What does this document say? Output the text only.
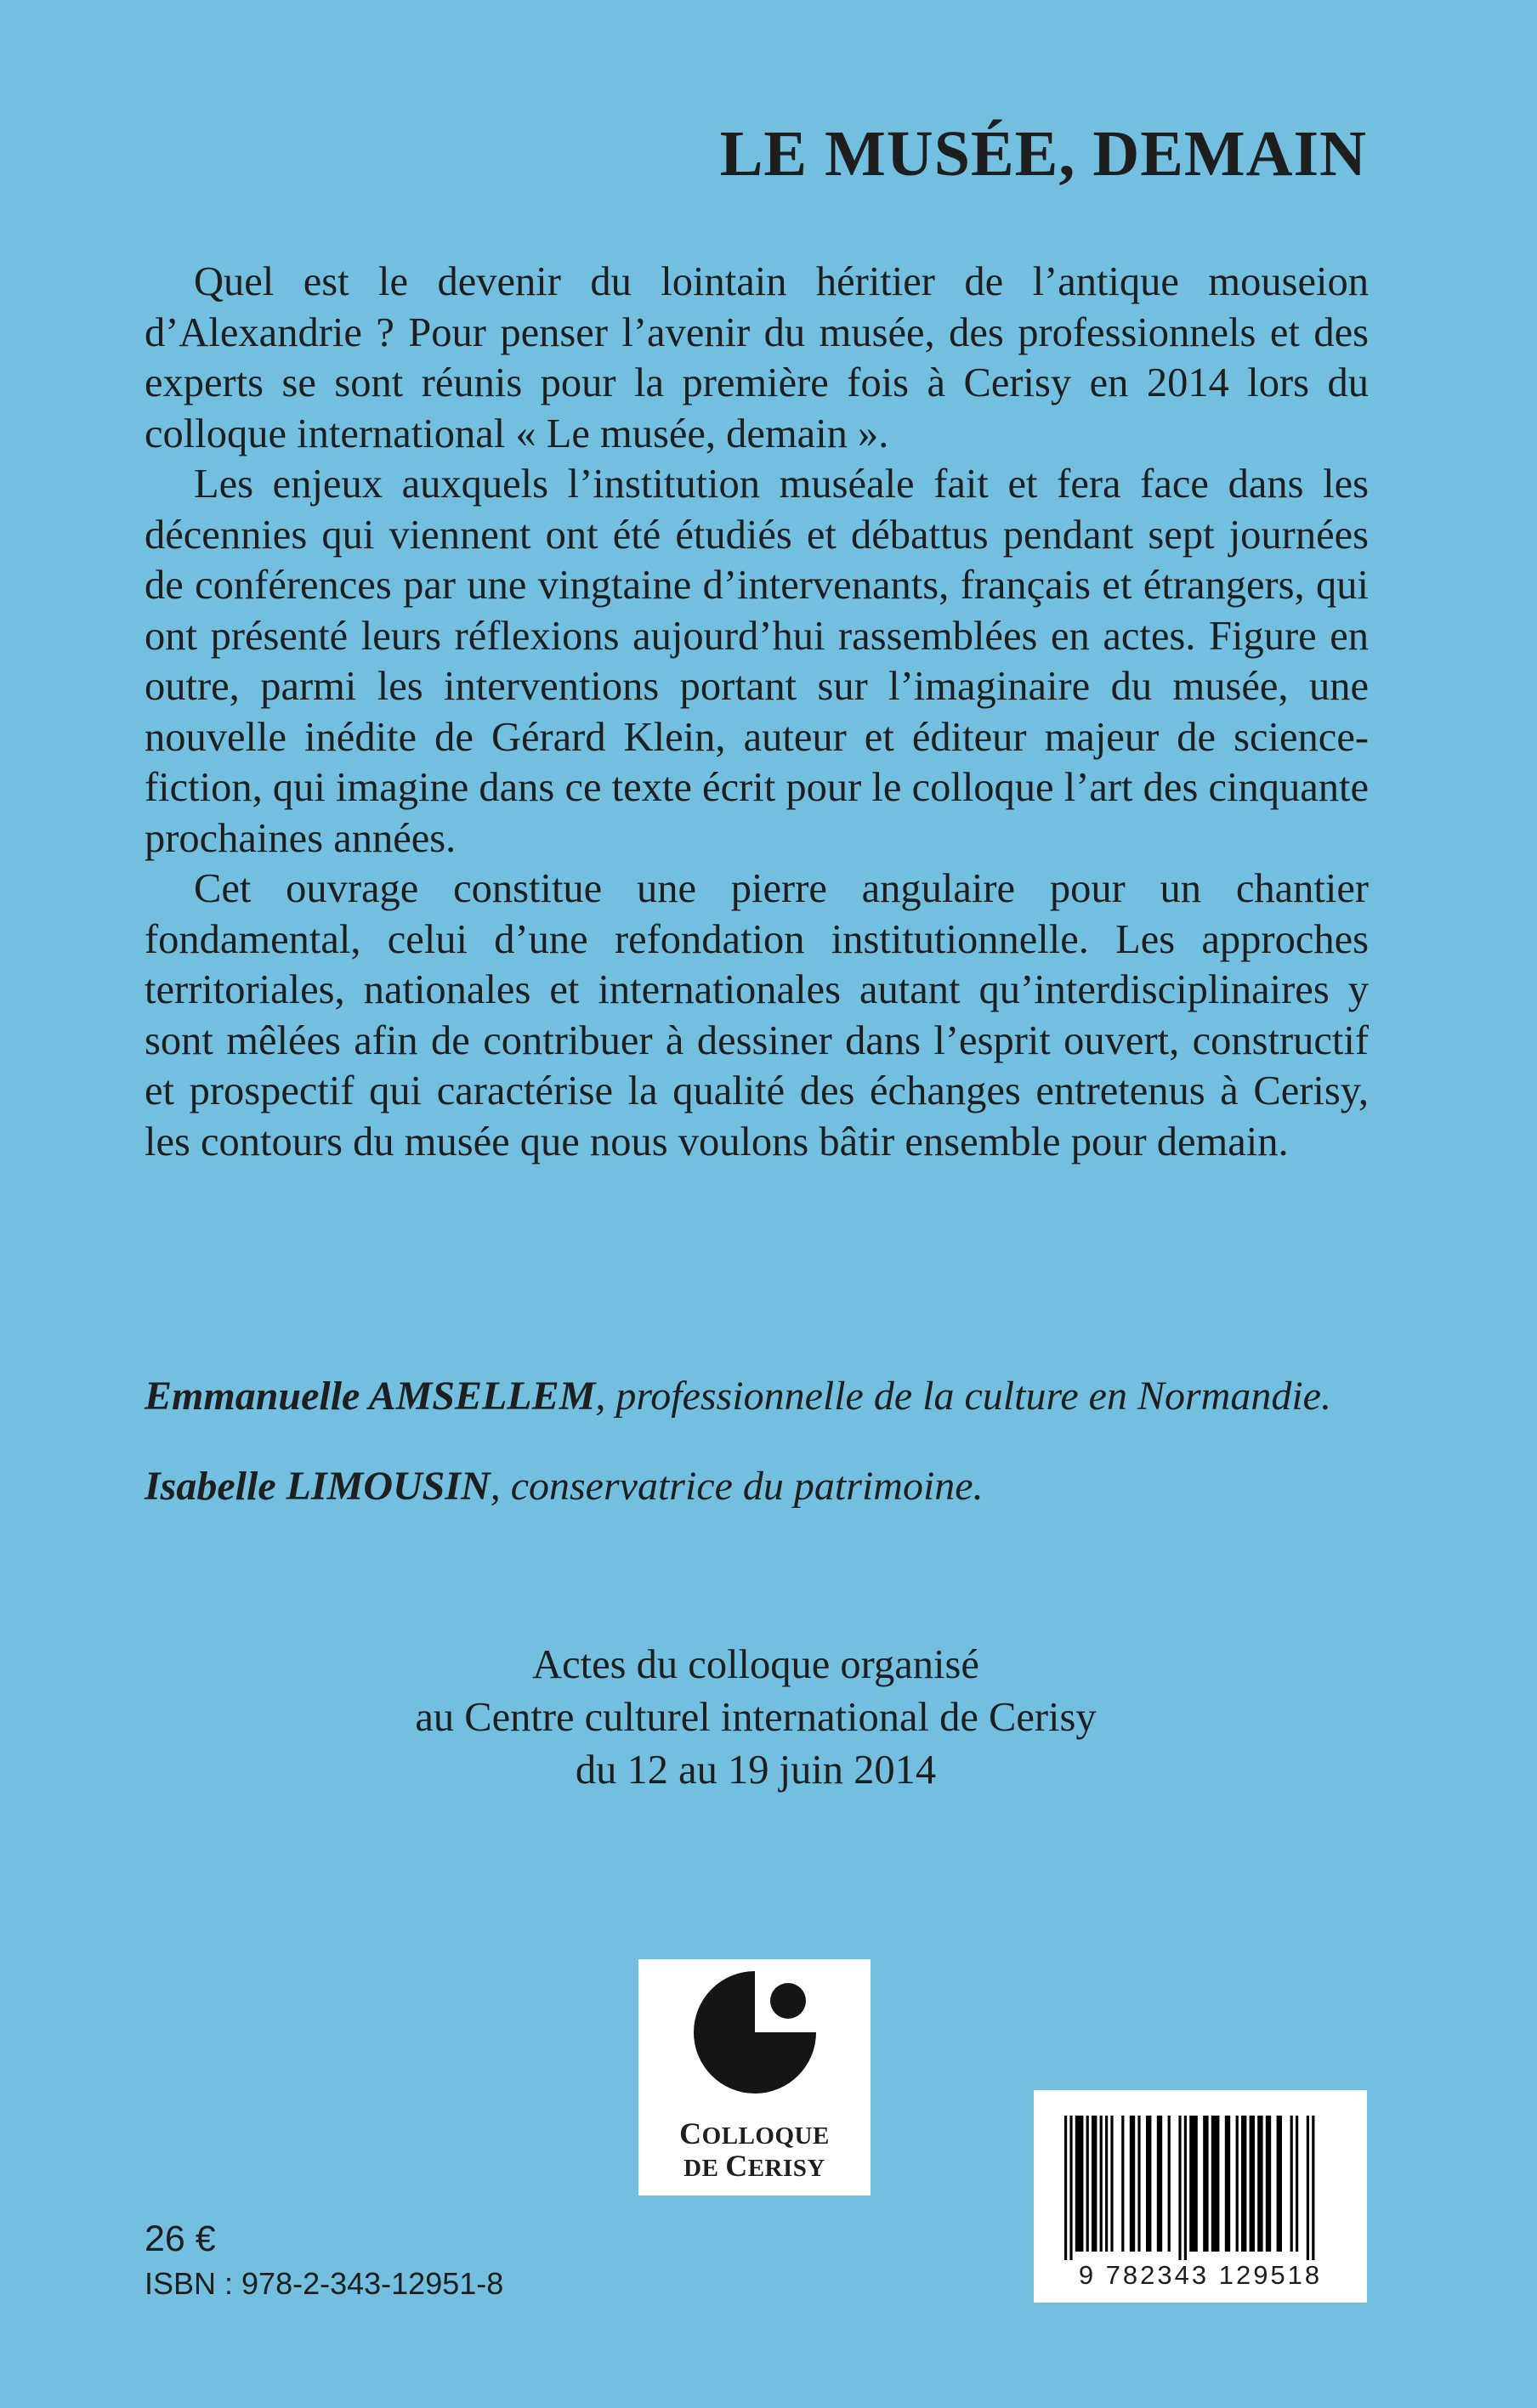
LE MUSÉE, DEMAIN

Quel est le devenir du lointain héritier de l’antique mouseion d’Alexandrie ? Pour penser l’avenir du musée, des professionnels et des experts se sont réunis pour la première fois à Cerisy en 2014 lors du colloque international « Le musée, demain ».

Les enjeux auxquels l’institution muséale fait et fera face dans les décennies qui viennent ont été étudiés et débattus pendant sept journées de conférences par une vingtaine d’intervenants, français et étrangers, qui ont présenté leurs réflexions aujourd’hui rassemblées en actes. Figure en outre, parmi les interventions portant sur l’imaginaire du musée, une nouvelle inédite de Gérard Klein, auteur et éditeur majeur de science-fiction, qui imagine dans ce texte écrit pour le colloque l’art des cinquante prochaines années.

Cet ouvrage constitue une pierre angulaire pour un chantier fondamental, celui d’une refondation institutionnelle. Les approches territoriales, nationales et internationales autant qu’interdisciplinaires y sont mêlées afin de contribuer à dessiner dans l’esprit ouvert, constructif et prospectif qui caractérise la qualité des échanges entretenus à Cerisy, les contours du musée que nous voulons bâtir ensemble pour demain.

Emmanuelle AMSELLEM, professionnelle de la culture en Normandie.

Isabelle LIMOUSIN, conservatrice du patrimoine.

Actes du colloque organisé
au Centre culturel international de Cerisy
du 12 au 19 juin 2014
COLLOQUE
DE CERISY
26 €
ISBN : 978-2-343-12951-8	9 782343 129518
